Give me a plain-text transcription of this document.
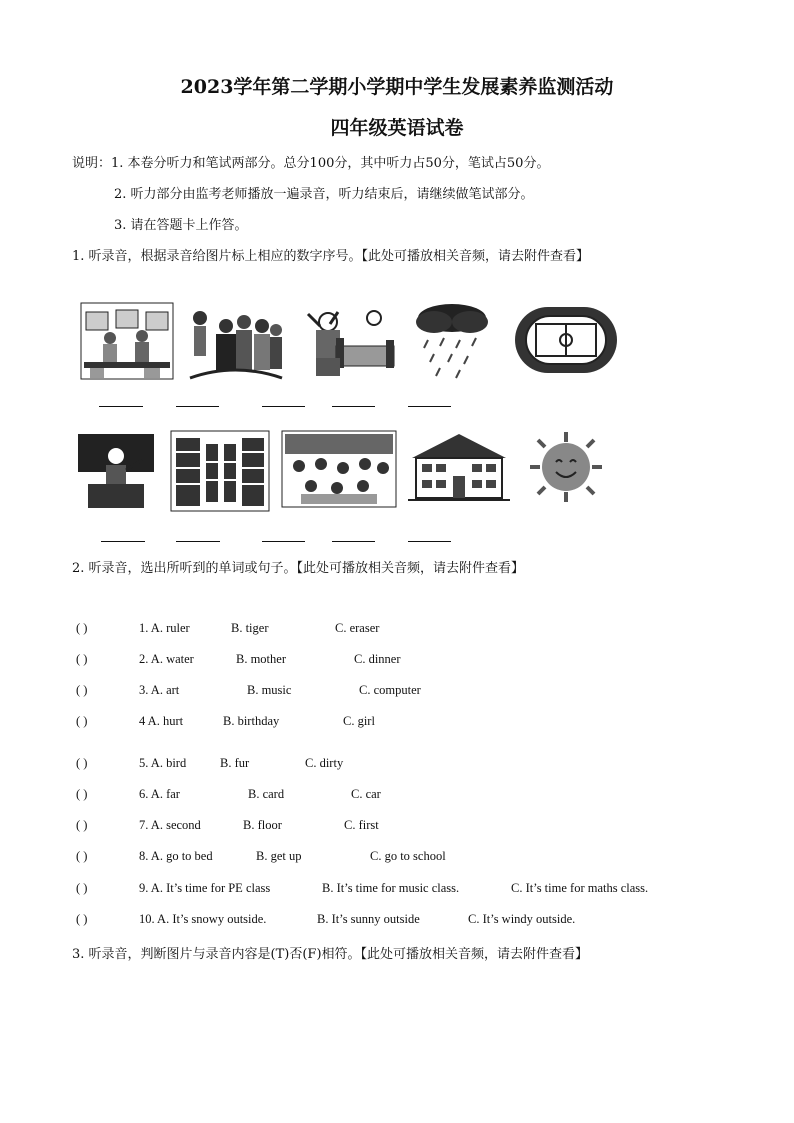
2023学年第二学期小学期中学生发展素养监测活动
四年级英语试卷
说明：1. 本卷分听力和笔试两部分。总分100分，其中听力占50分，笔试占50分。
2. 听力部分由监考老师播放一遍录音，听力结束后，请继续做笔试部分。
3. 请在答题卡上作答。
1. 听录音，根据录音给图片标上相应的数字序号。【此处可播放相关音频，请去附件查看】
2. 听录音，选出所听到的单词或句子。【此处可播放相关音频，请去附件查看】
( )	1. A. ruler	B. tiger	C. eraser
( )	2. A. water	B. mother	C. dinner
( )	3. A. art	B. music	C. computer
( )	4 A. hurt	B. birthday	C. girl
( )	5. A. bird	B. fur	C. dirty
( )	6. A. far	B. card	C. car
( )	7. A. second	B. floor	C. first
( )	8. A. go to bed	B. get up	C. go to school
( )	9. A. It’s time for PE class	B. It’s time for music class.	C. It’s time for maths class.
( )	10. A. It’s snowy outside.	B. It’s sunny outside	C. It’s windy outside.
3. 听录音，判断图片与录音内容是(T)否(F)相符。【此处可播放相关音频，请去附件查看】
